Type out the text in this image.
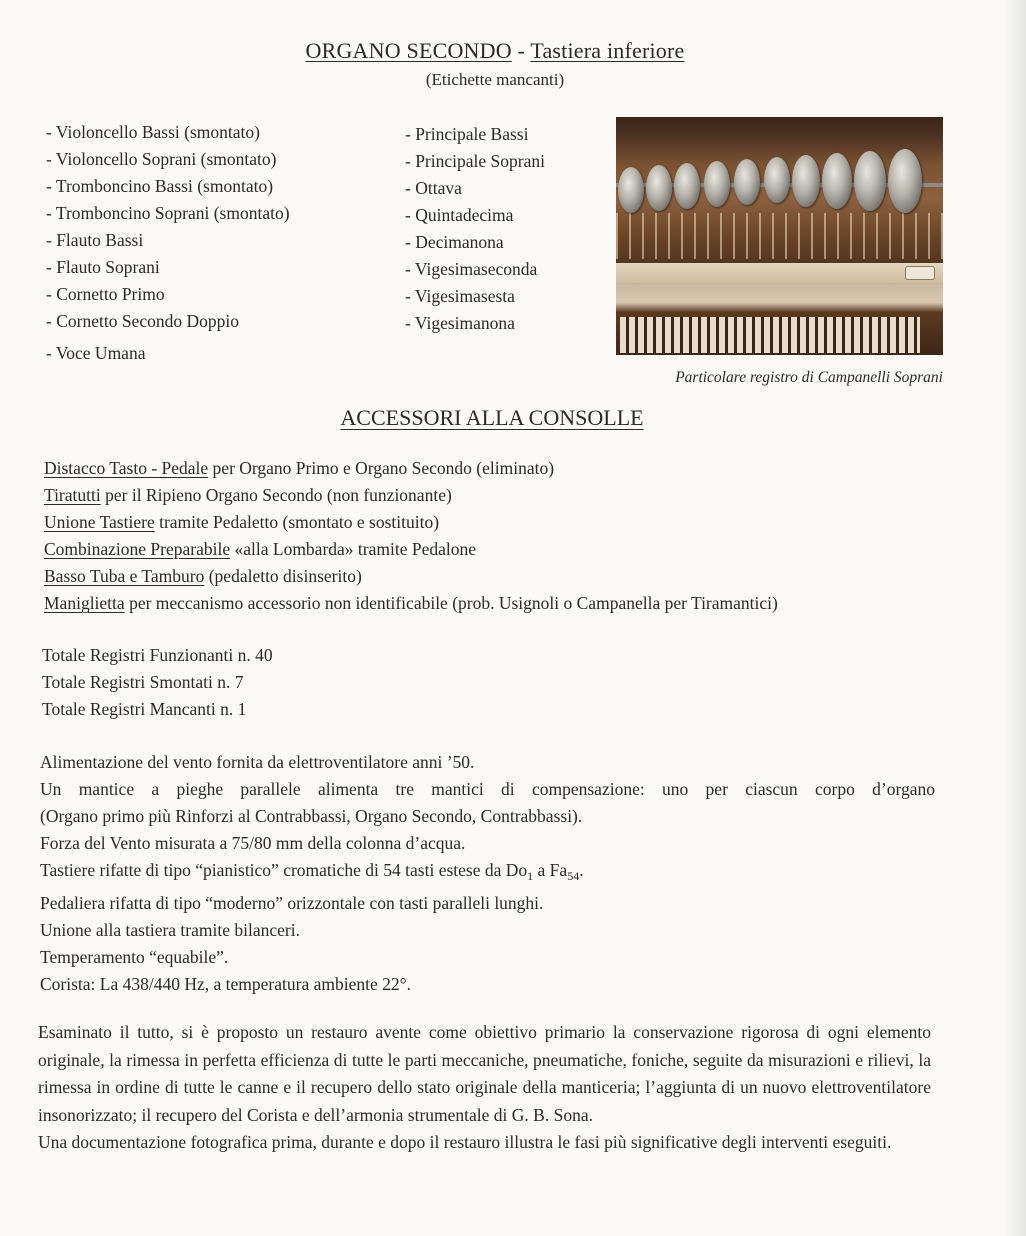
ORGANO SECONDO - Tastiera inferiore
(Etichette mancanti)
- Violoncello Bassi (smontato)
- Violoncello Soprani (smontato)
- Tromboncino Bassi (smontato)
- Tromboncino Soprani (smontato)
- Flauto Bassi
- Flauto Soprani
- Cornetto Primo
- Cornetto Secondo Doppio
- Voce Umana
- Principale Bassi
- Principale Soprani
- Ottava
- Quintadecima
- Decimanona
- Vigesimaseconda
- Vigesimasesta
- Vigesimanona
Particolare registro di Campanelli Soprani
ACCESSORI ALLA CONSOLLE
Distacco Tasto - Pedale per Organo Primo e Organo Secondo (eliminato)
Tiratutti per il Ripieno Organo Secondo (non funzionante)
Unione Tastiere tramite Pedaletto (smontato e sostituito)
Combinazione Preparabile «alla Lombarda» tramite Pedalone
Basso Tuba e Tamburo (pedaletto disinserito)
Maniglietta per meccanismo accessorio non identificabile (prob. Usignoli o Campanella per Tiramantici)
Totale Registri Funzionanti n. 40
Totale Registri Smontati n. 7
Totale Registri Mancanti n. 1
Alimentazione del vento fornita da elettroventilatore anni ’50.
Un mantice a pieghe parallele alimenta tre mantici di compensazione: uno per ciascun corpo d’organo
(Organo primo più Rinforzi al Contrabbassi, Organo Secondo, Contrabbassi).
Forza del Vento misurata a 75/80 mm della colonna d’acqua.
Tastiere rifatte di tipo “pianistico” cromatiche di 54 tasti estese da $Do_1$ a $Fa_{54}$.
Pedaliera rifatta di tipo “moderno” orizzontale con tasti paralleli lunghi.
Unione alla tastiera tramite bilanceri.
Temperamento “equabile”.
Corista: La 438/440 Hz, a temperatura ambiente 22°.

Esaminato il tutto, si è proposto un restauro avente come obiettivo primario la conservazione rigorosa di ogni elemento originale, la rimessa in perfetta efficienza di tutte le parti meccaniche, pneumatiche, foniche, seguite da misurazioni e rilievi, la rimessa in ordine di tutte le canne e il recupero dello stato originale della manticeria; l’aggiunta di un nuovo elettroventilatore insonorizzato; il recupero del Corista e dell’armonia strumentale di G. B. Sona.

Una documentazione fotografica prima, durante e dopo il restauro illustra le fasi più significative degli interventi eseguiti.
